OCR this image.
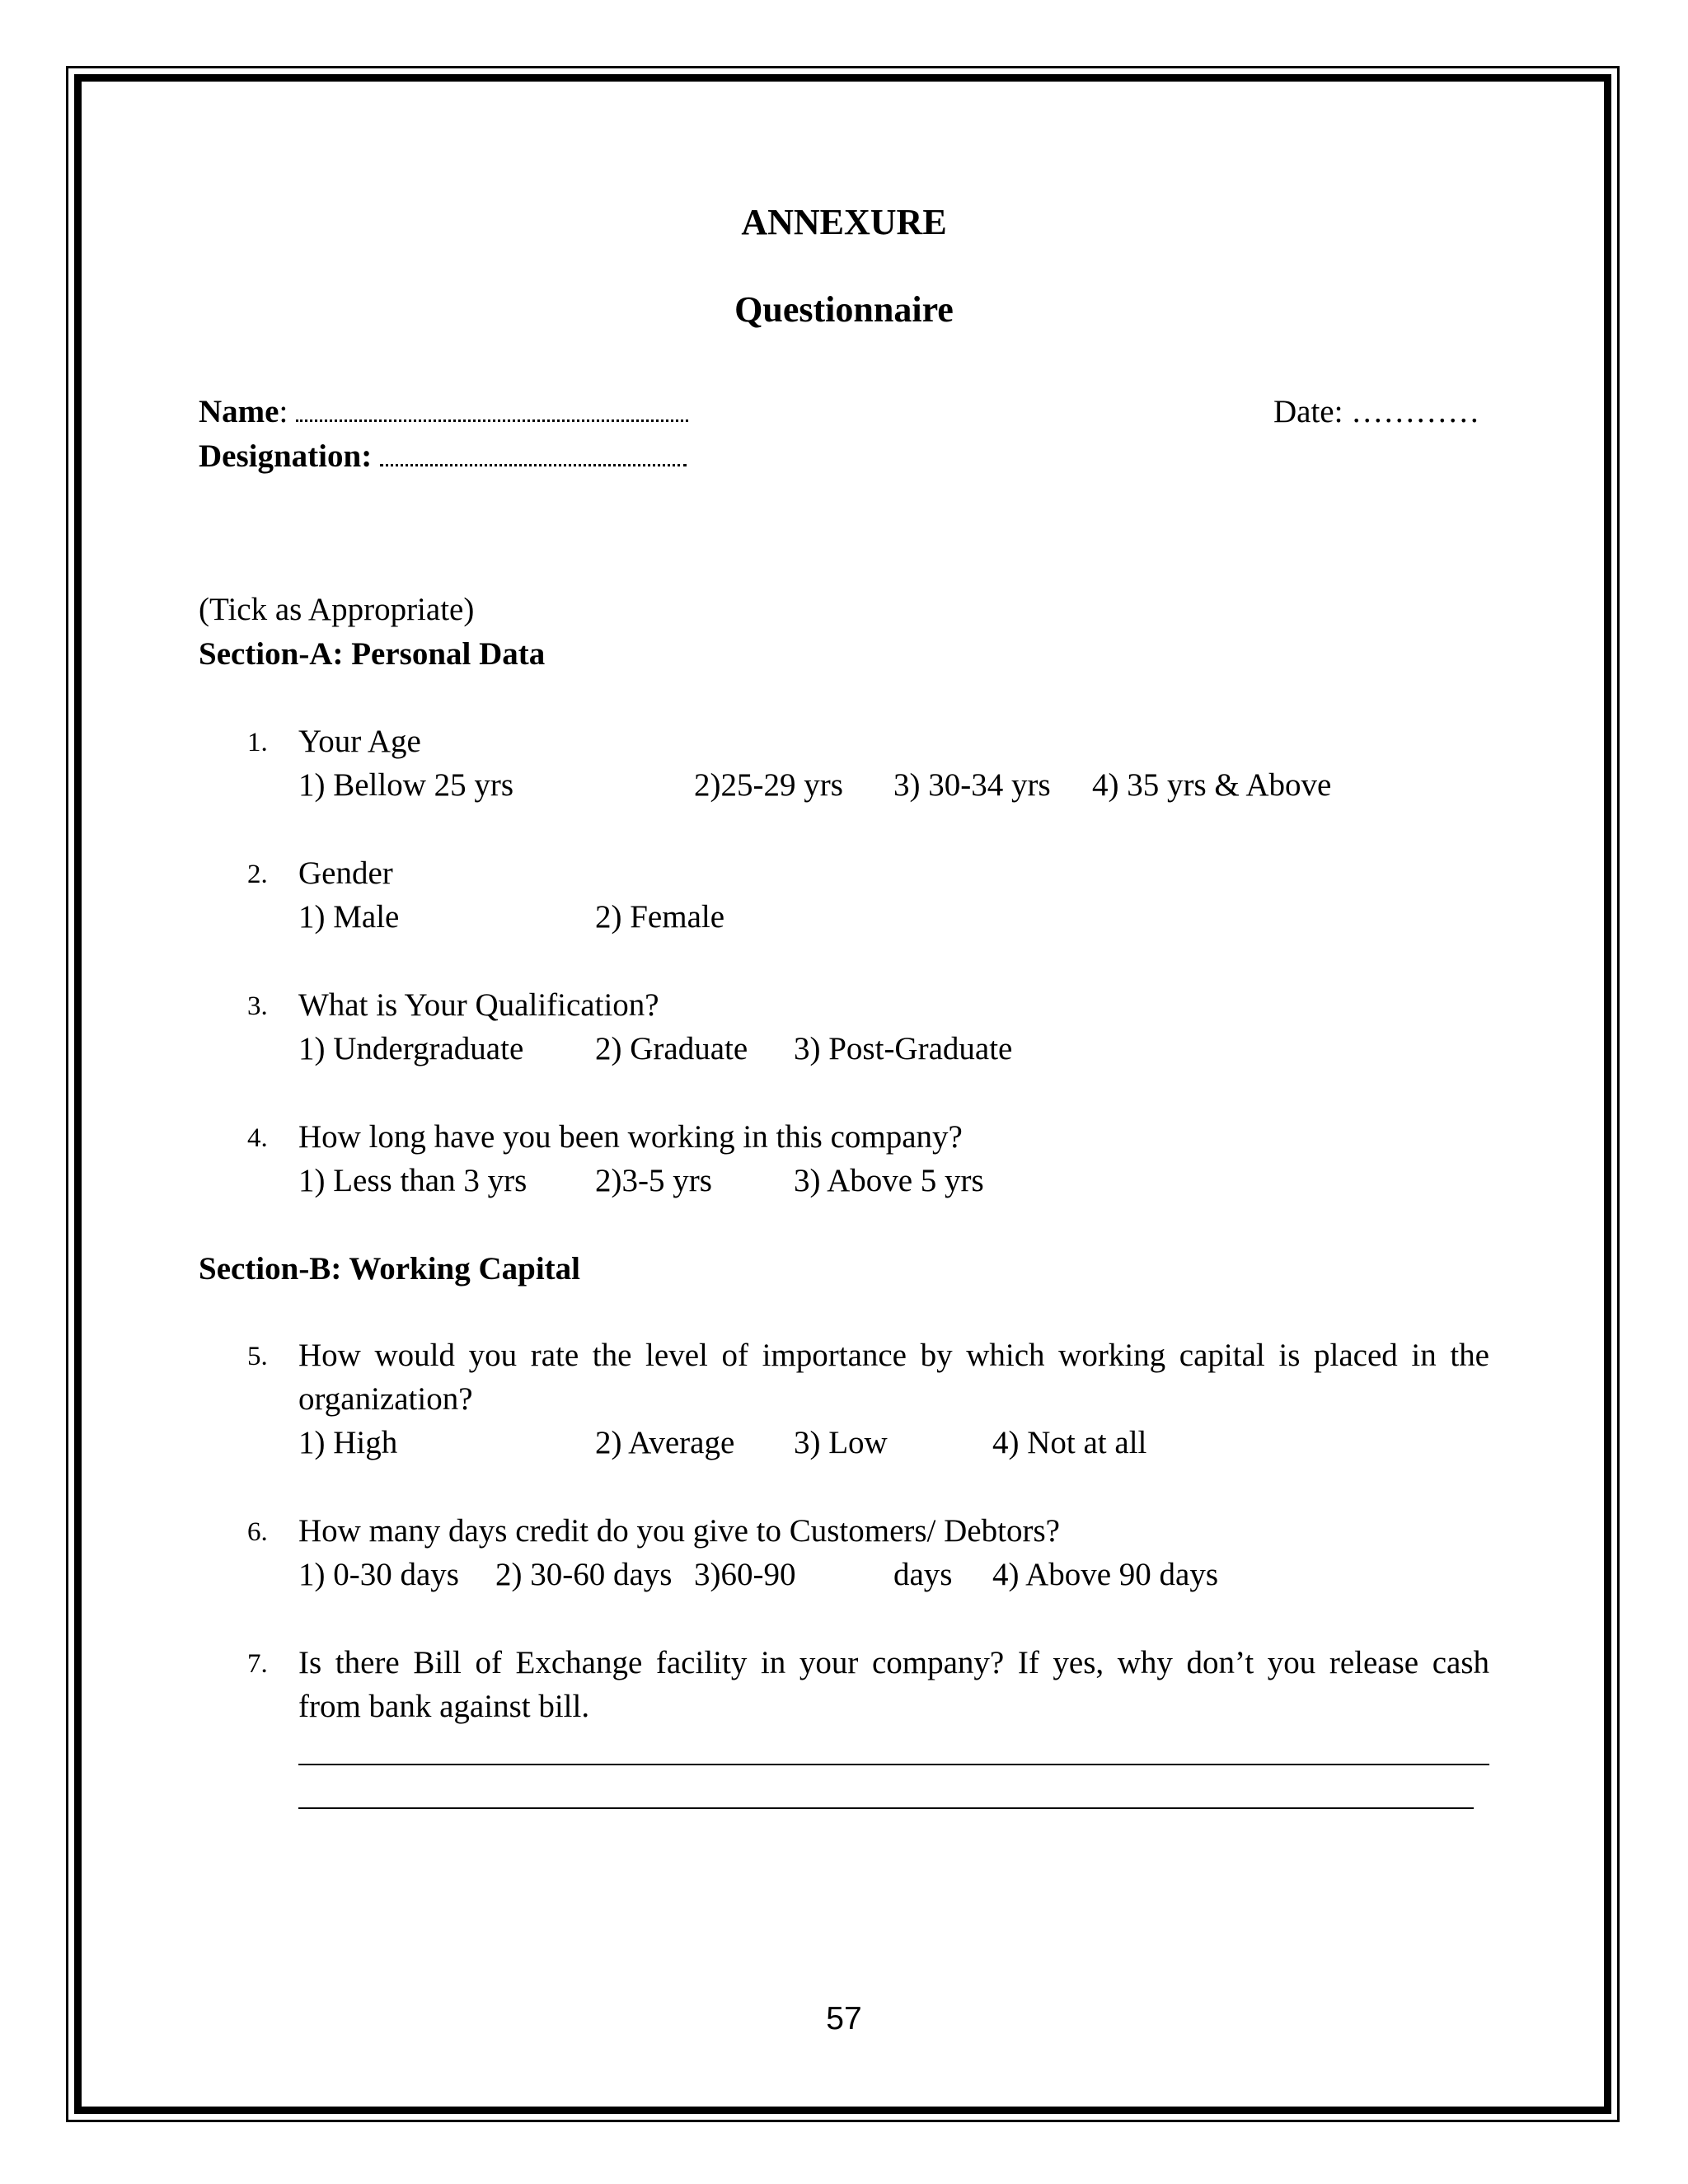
ANNEXURE
Questionnaire
Name:	Date: …………
Designation:
(Tick as Appropriate)
Section-A: Personal Data
1. Your Age
1) Bellow 25 yrs	2)25-29 yrs 3) 30-34 yrs 4) 35 yrs & Above
2. Gender
1) Male	2) Female
3. What is Your Qualification?
1) Undergraduate 2) Graduate 3) Post-Graduate
4. How long have you been working in this company?
1) Less than 3 yrs 2)3-5 yrs	3) Above 5 yrs
Section-B: Working Capital
5. How would you rate the level of importance by which working capital is placed in the
organization?
1) High	2) Average 3) Low	4) Not at all
6. How many days credit do you give to Customers/ Debtors?
1) 0-30 days 2) 30-60 days 3)60-90	days 4) Above 90 days
7. Is there Bill of Exchange facility in your company? If yes, why don’t you release cash
from bank against bill.
57
